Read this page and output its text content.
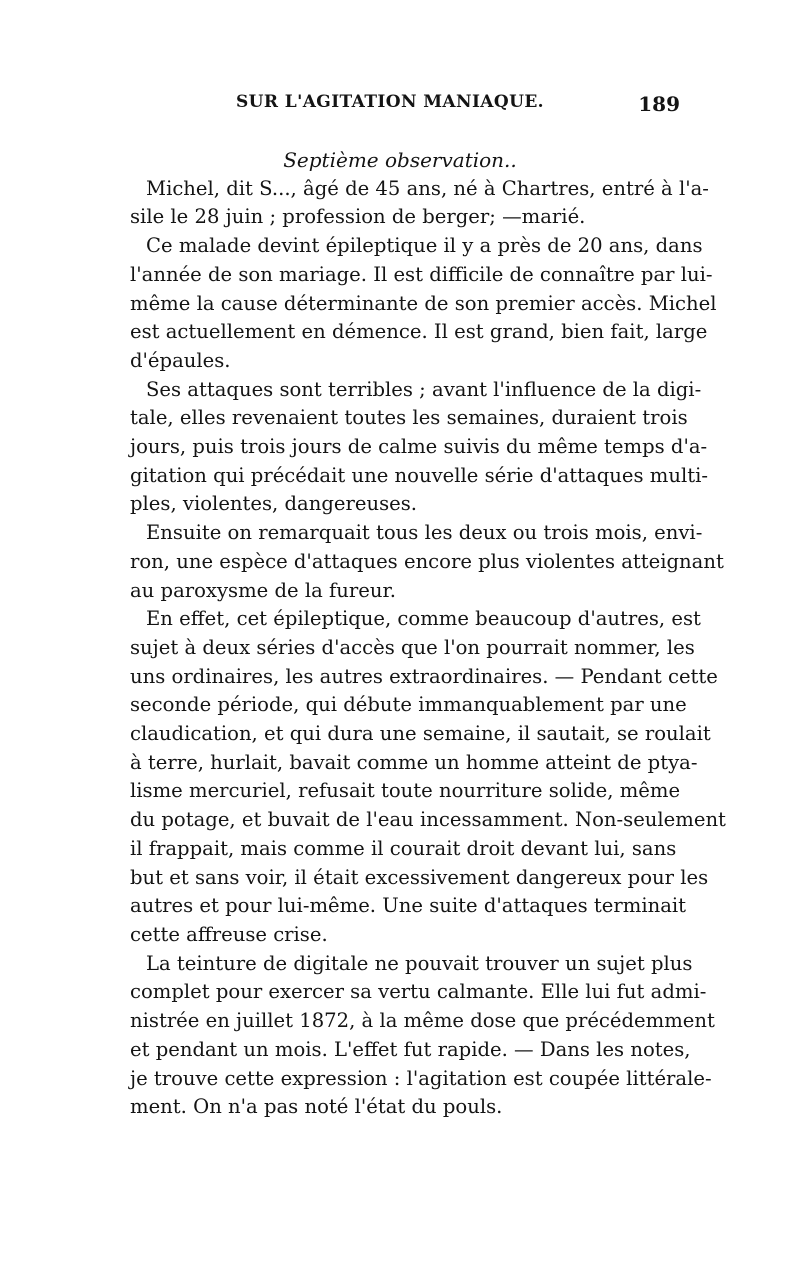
SUR L'AGITATION MANIAQUE.	189

Septième observation..

Michel, dit S..., âgé de 45 ans, né à Chartres, entré à l'a-
sile le 28 juin ; profession de berger; —marié.
Ce malade devint épileptique il y a près de 20 ans, dans
l'année de son mariage. Il est difficile de connaître par lui-
même la cause déterminante de son premier accès. Michel
est actuellement en démence. Il est grand, bien fait, large
d'épaules.
Ses attaques sont terribles ; avant l'influence de la digi-
tale, elles revenaient toutes les semaines, duraient trois
jours, puis trois jours de calme suivis du même temps d'a-
gitation qui précédait une nouvelle série d'attaques multi-
ples, violentes, dangereuses.
Ensuite on remarquait tous les deux ou trois mois, envi-
ron, une espèce d'attaques encore plus violentes atteignant
au paroxysme de la fureur.
En effet, cet épileptique, comme beaucoup d'autres, est
sujet à deux séries d'accès que l'on pourrait nommer, les
uns ordinaires, les autres extraordinaires. — Pendant cette
seconde période, qui débute immanquablement par une
claudication, et qui dura une semaine, il sautait, se roulait
à terre, hurlait, bavait comme un homme atteint de ptya-
lisme mercuriel, refusait toute nourriture solide, même
du potage, et buvait de l'eau incessamment. Non-seulement
il frappait, mais comme il courait droit devant lui, sans
but et sans voir, il était excessivement dangereux pour les
autres et pour lui-même. Une suite d'attaques terminait
cette affreuse crise.
La teinture de digitale ne pouvait trouver un sujet plus
complet pour exercer sa vertu calmante. Elle lui fut admi-
nistrée en juillet 1872, à la même dose que précédemment
et pendant un mois. L'effet fut rapide. — Dans les notes,
je trouve cette expression : l'agitation est coupée littérale-
ment. On n'a pas noté l'état du pouls.
